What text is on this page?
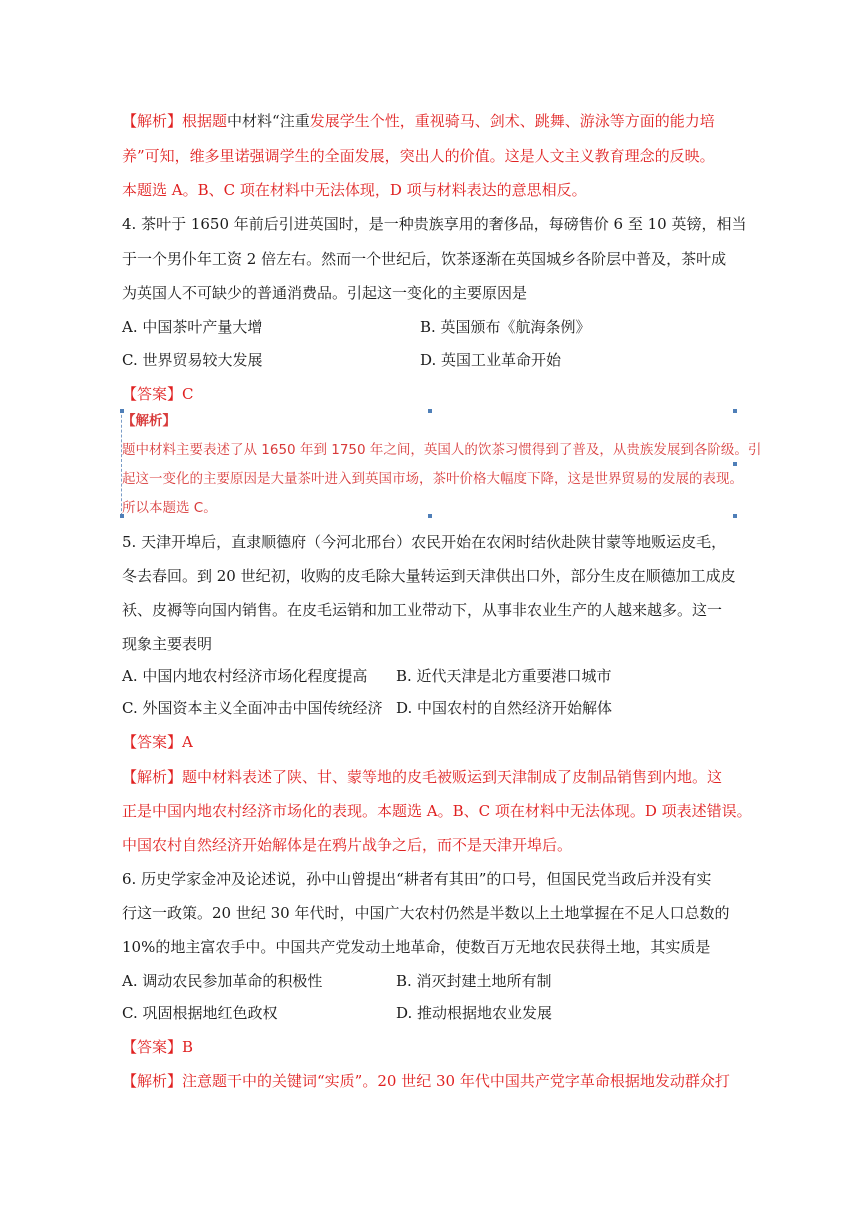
【解析】根据题中材料“注重发展学生个性，重视骑马、剑术、跳舞、游泳等方面的能力培
养”可知，维多里诺强调学生的全面发展，突出人的价值。这是人文主义教育理念的反映。
本题选 A。B、C 项在材料中无法体现，D 项与材料表达的意思相反。
4. 茶叶于 1650 年前后引进英国时，是一种贵族享用的奢侈品，每磅售价 6 至 10 英镑，相当
于一个男仆年工资 2 倍左右。然而一个世纪后，饮茶逐渐在英国城乡各阶层中普及，茶叶成
为英国人不可缺少的普通消费品。引起这一变化的主要原因是
A. 中国茶叶产量大增	B. 英国颁布《航海条例》
C. 世界贸易较大发展	D. 英国工业革命开始
【答案】C
【解析】
题中材料主要表述了从 1650 年到 1750 年之间，英国人的饮茶习惯得到了普及，从贵族发展到各阶级。引
起这一变化的主要原因是大量茶叶进入到英国市场，茶叶价格大幅度下降，这是世界贸易的发展的表现。
所以本题选 C。
5. 天津开埠后，直隶顺德府（今河北邢台）农民开始在农闲时结伙赴陕甘蒙等地贩运皮毛，
冬去春回。到 20 世纪初，收购的皮毛除大量转运到天津供出口外，部分生皮在顺德加工成皮
袄、皮褥等向国内销售。在皮毛运销和加工业带动下，从事非农业生产的人越来越多。这一
现象主要表明
A. 中国内地农村经济市场化程度提高 B. 近代天津是北方重要港口城市
C. 外国资本主义全面冲击中国传统经济 D. 中国农村的自然经济开始解体
【答案】A
【解析】题中材料表述了陕、甘、蒙等地的皮毛被贩运到天津制成了皮制品销售到内地。这
正是中国内地农村经济市场化的表现。本题选 A。B、C 项在材料中无法体现。D 项表述错误。
中国农村自然经济开始解体是在鸦片战争之后，而不是天津开埠后。
6. 历史学家金冲及论述说，孙中山曾提出“耕者有其田”的口号，但国民党当政后并没有实
行这一政策。20 世纪 30 年代时，中国广大农村仍然是半数以上土地掌握在不足人口总数的
10%的地主富农手中。中国共产党发动土地革命，使数百万无地农民获得土地，其实质是
A. 调动农民参加革命的积极性	B. 消灭封建土地所有制
C. 巩固根据地红色政权	D. 推动根据地农业发展
【答案】B
【解析】注意题干中的关键词“实质”。20 世纪 30 年代中国共产党字革命根据地发动群众打
